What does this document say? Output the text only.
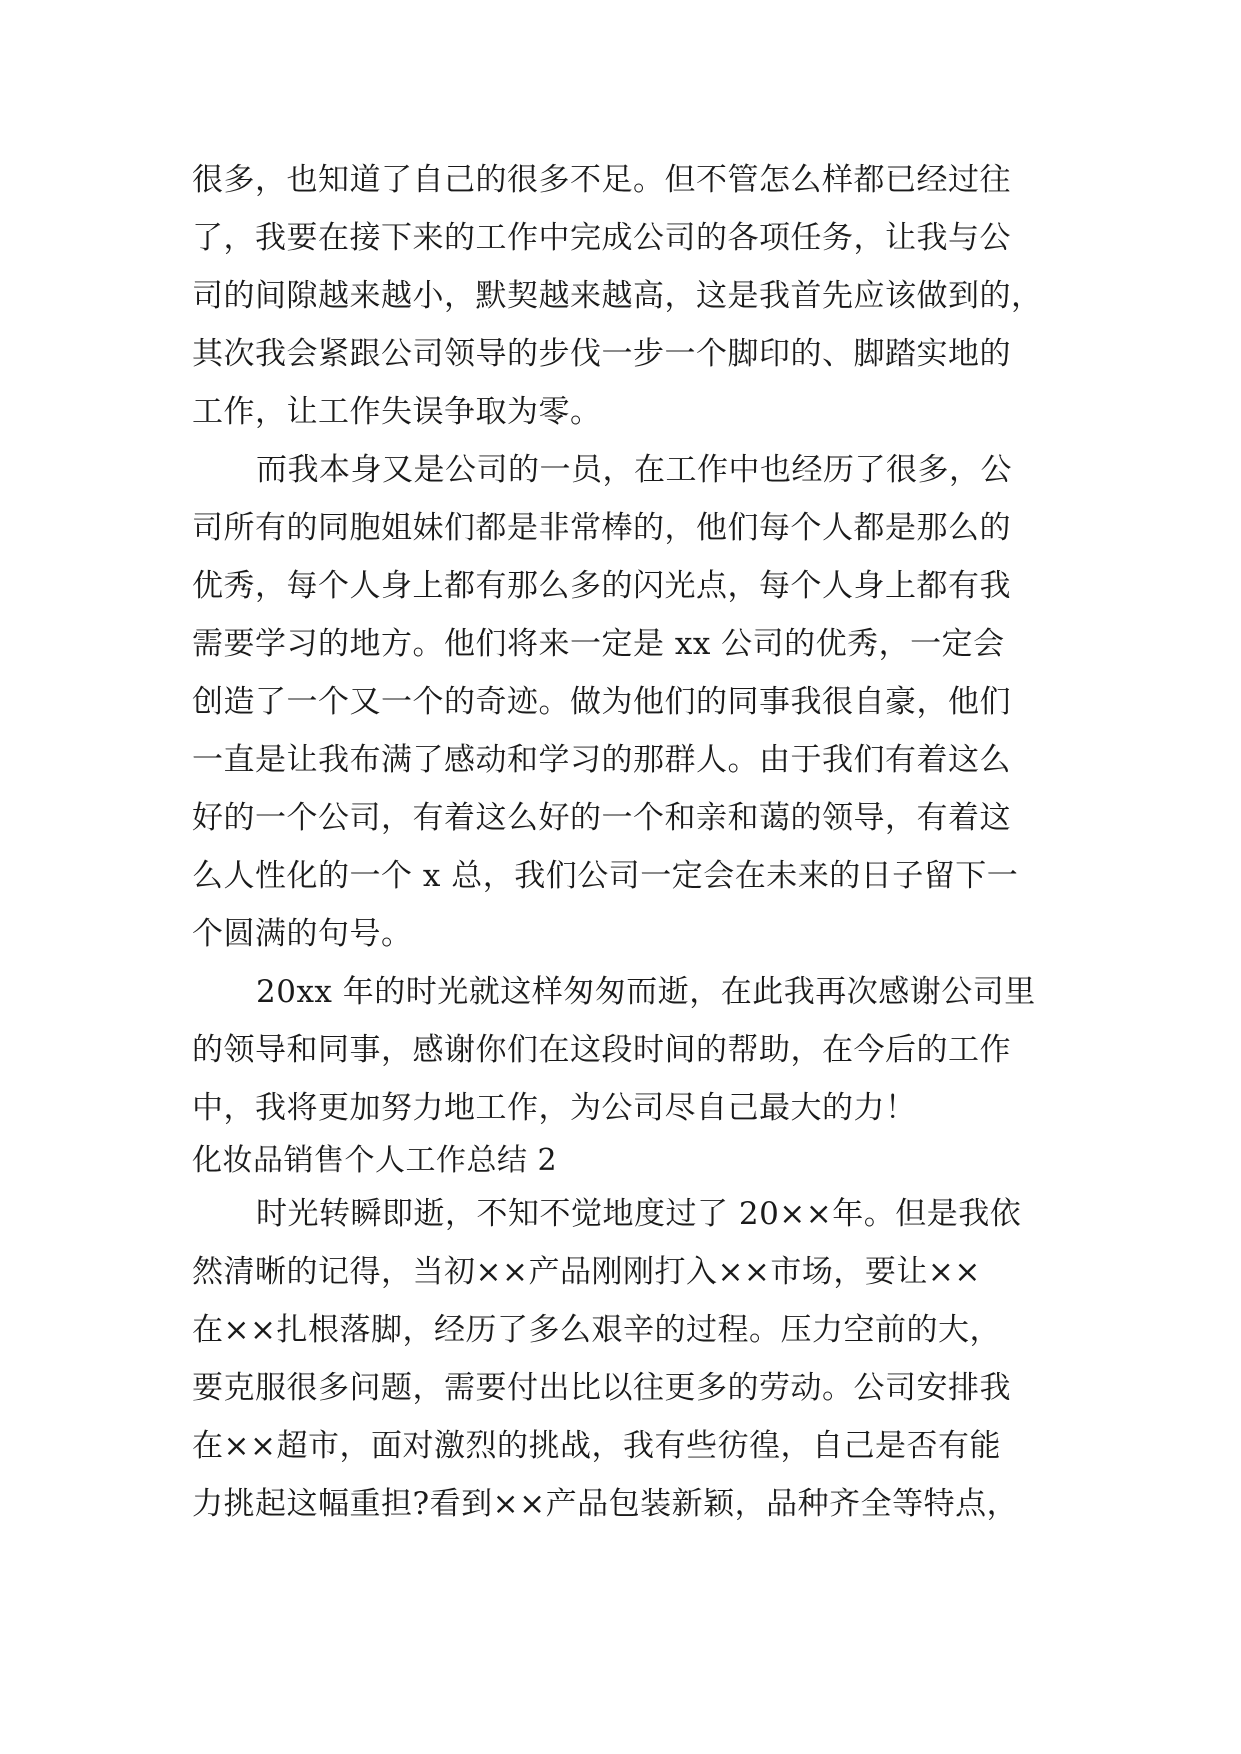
很多，也知道了自己的很多不足。但不管怎么样都已经过往
了，我要在接下来的工作中完成公司的各项任务，让我与公
司的间隙越来越小，默契越来越高，这是我首先应该做到的，
其次我会紧跟公司领导的步伐一步一个脚印的、脚踏实地的
工作，让工作失误争取为零。
而我本身又是公司的一员，在工作中也经历了很多，公
司所有的同胞姐妹们都是非常棒的，他们每个人都是那么的
优秀，每个人身上都有那么多的闪光点，每个人身上都有我
需要学习的地方。他们将来一定是 xx 公司的优秀，一定会
创造了一个又一个的奇迹。做为他们的同事我很自豪，他们
一直是让我布满了感动和学习的那群人。由于我们有着这么
好的一个公司，有着这么好的一个和亲和蔼的领导，有着这
么人性化的一个 x 总，我们公司一定会在未来的日子留下一
个圆满的句号。
20xx 年的时光就这样匆匆而逝，在此我再次感谢公司里
的领导和同事，感谢你们在这段时间的帮助，在今后的工作
中，我将更加努力地工作，为公司尽自己最大的力！
化妆品销售个人工作总结 2
时光转瞬即逝，不知不觉地度过了 20××年。但是我依
然清晰的记得，当初××产品刚刚打入××市场，要让××
在××扎根落脚，经历了多么艰辛的过程。压力空前的大，
要克服很多问题，需要付出比以往更多的劳动。公司安排我
在××超市，面对激烈的挑战，我有些彷徨，自己是否有能
力挑起这幅重担?看到××产品包装新颖，品种齐全等特点，
